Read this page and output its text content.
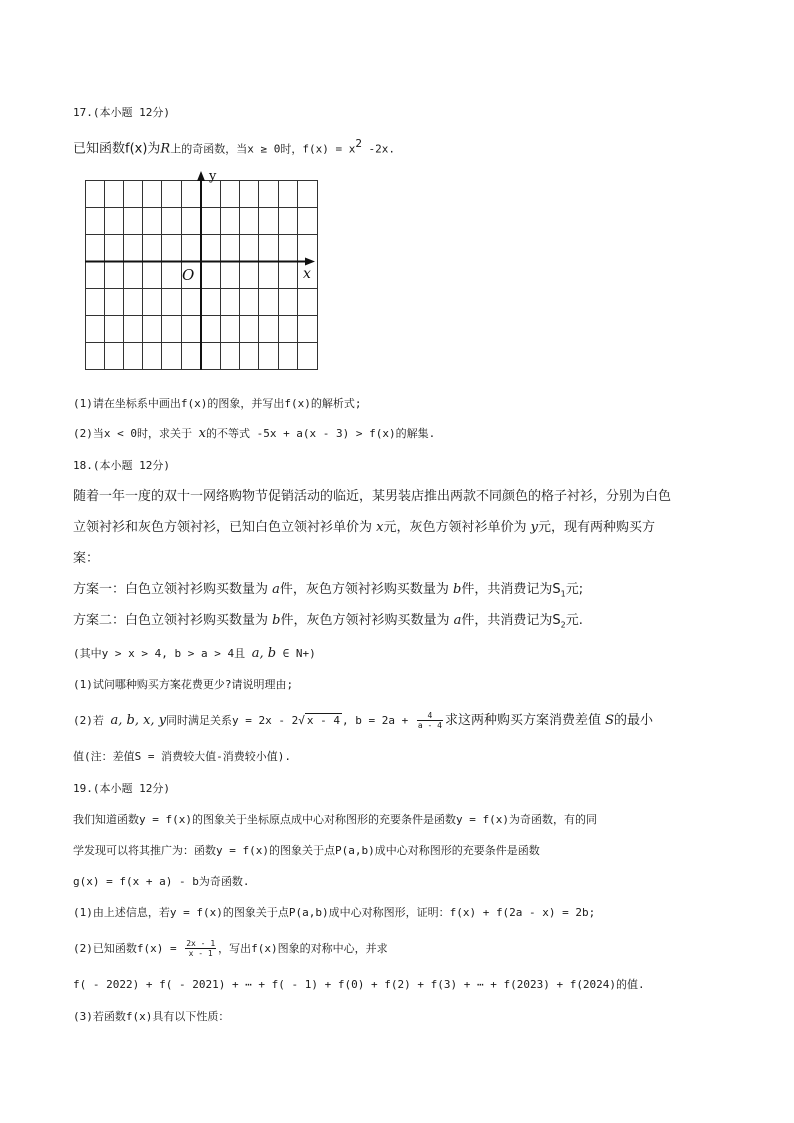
17.(本小题 12分)
已知函数f(x)为R上的奇函数，当x ≥ 0时，$f(x) = x^2$ -2x.
y
x
O
(1)请在坐标系中画出f(x)的图象，并写出f(x)的解析式;
(2)当x < 0时，求关于 x的不等式 -5x + a(x - 3) > f(x)的解集.
18.(本小题 12分)
随着一年一度的双十一网络购物节促销活动的临近，某男装店推出两款不同颜色的格子衬衫，分别为白色
立领衬衫和灰色方领衬衫，已知白色立领衬衫单价为 x元，灰色方领衬衫单价为 y元，现有两种购买方
案：
方案一：白色立领衬衫购买数量为 a件，灰色方领衬衫购买数量为 b件，共消费记为$S_1$元;
方案二：白色立领衬衫购买数量为 b件，灰色方领衬衫购买数量为 a件，共消费记为$S_2$元.
(其中y > x > 4, b > a > 4且 a, b ∈ N+)
(1)试问哪种购买方案花费更少?请说明理由;
(2)若 a, b, x, y同时满足关系y = 2x - 2√ x - 4 , $b = 2a + \frac{4}{a - 4}$ 求这两种购买方案消费差值 S的最小
值(注：差值S = 消费较大值-消费较小值).
19.(本小题 12分)
我们知道函数y = f(x)的图象关于坐标原点成中心对称图形的充要条件是函数y = f(x)为奇函数，有的同
学发现可以将其推广为：函数y = f(x)的图象关于点P(a,b)成中心对称图形的充要条件是函数
g(x) = f(x + a) - b为奇函数.
(1)由上述信息，若y = f(x)的图象关于点P(a,b)成中心对称图形，证明：f(x) + f(2a - x) = 2b;
(2)已知函数$f(x) = \frac{2x - 1}{x - 1}$ ，写出f(x)图象的对称中心，并求
f( - 2022) + f( - 2021) + ⋯ + f( - 1) + f(0) + f(2) + f(3) + ⋯ + f(2023) + f(2024)的值.
(3)若函数f(x)具有以下性质：
